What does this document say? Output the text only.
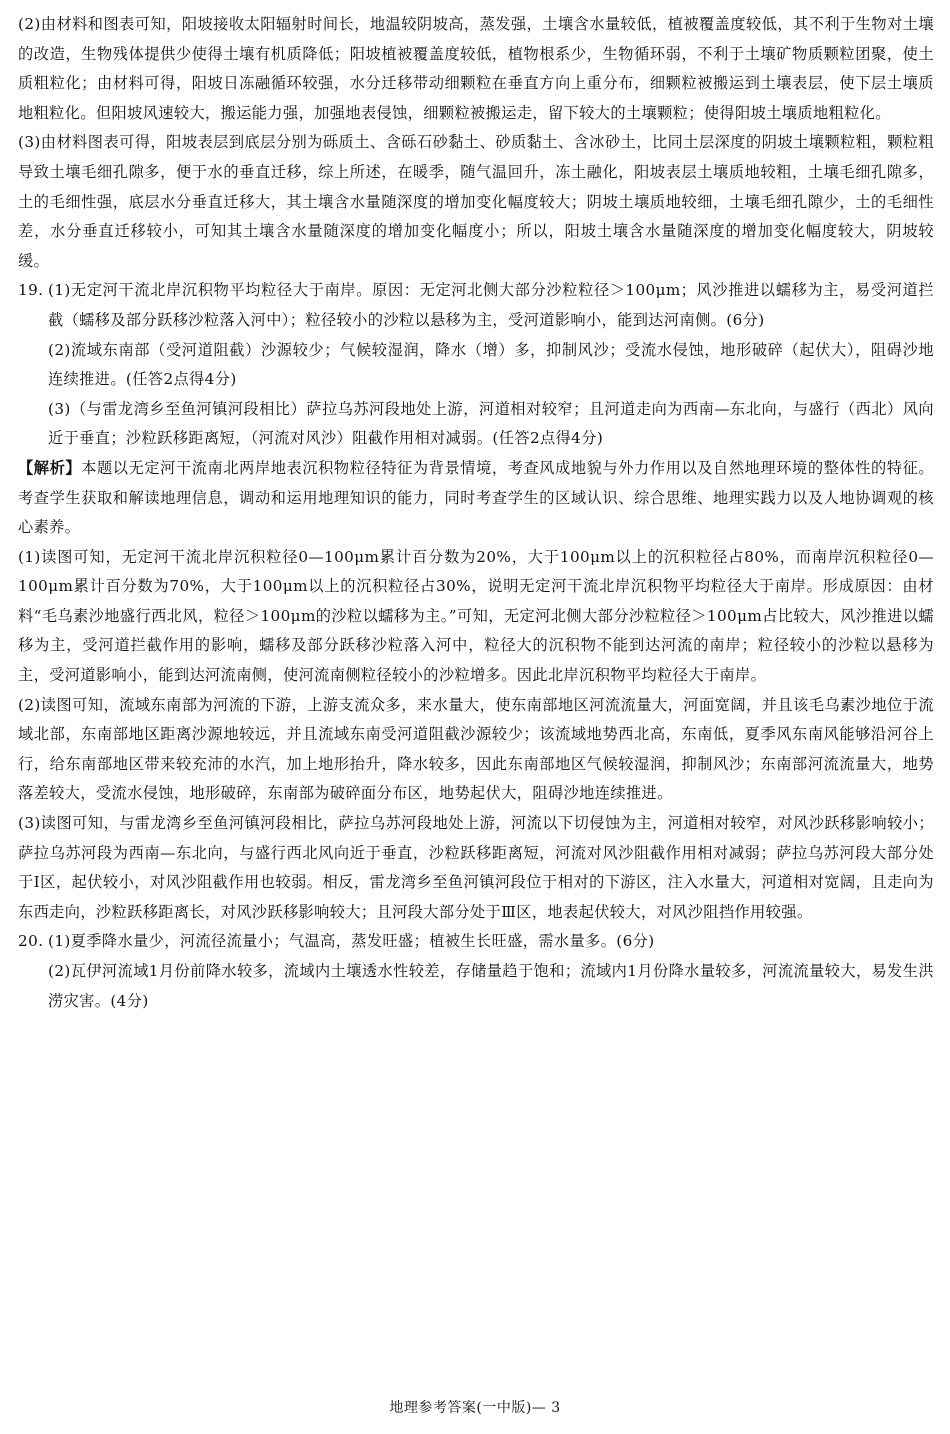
(2)由材料和图表可知，阳坡接收太阳辐射时间长，地温较阴坡高，蒸发强，土壤含水量较低，植被覆盖度较低，其不利于生物对土壤的改造，生物残体提供少使得土壤有机质降低；阳坡植被覆盖度较低，植物根系少，生物循环弱，不利于土壤矿物质颗粒团聚，使土质粗粒化；由材料可得，阳坡日冻融循环较强，水分迁移带动细颗粒在垂直方向上重分布，细颗粒被搬运到土壤表层，使下层土壤质地粗粒化。但阳坡风速较大，搬运能力强，加强地表侵蚀，细颗粒被搬运走，留下较大的土壤颗粒；使得阳坡土壤质地粗粒化。

(3)由材料图表可得，阳坡表层到底层分别为砾质土、含砾石砂黏土、砂质黏土、含冰砂土，比同土层深度的阴坡土壤颗粒粗，颗粒粗导致土壤毛细孔隙多，便于水的垂直迁移，综上所述，在暖季，随气温回升，冻土融化，阳坡表层土壤质地较粗，土壤毛细孔隙多，土的毛细性强，底层水分垂直迁移大，其土壤含水量随深度的增加变化幅度较大；阴坡土壤质地较细，土壤毛细孔隙少，土的毛细性差，水分垂直迁移较小，可知其土壤含水量随深度的增加变化幅度小；所以，阳坡土壤含水量随深度的增加变化幅度较大，阴坡较缓。

19. (1)无定河干流北岸沉积物平均粒径大于南岸。原因：无定河北侧大部分沙粒粒径＞100μm；风沙推进以蠕移为主，易受河道拦截（蠕移及部分跃移沙粒落入河中）；粒径较小的沙粒以悬移为主，受河道影响小，能到达河南侧。(6分)

(2)流域东南部（受河道阻截）沙源较少；气候较湿润，降水（增）多，抑制风沙；受流水侵蚀，地形破碎（起伏大），阻碍沙地连续推进。(任答2点得4分)

(3)（与雷龙湾乡至鱼河镇河段相比）萨拉乌苏河段地处上游，河道相对较窄；且河道走向为西南—东北向，与盛行（西北）风向近于垂直；沙粒跃移距离短，（河流对风沙）阻截作用相对减弱。(任答2点得4分)

【解析】本题以无定河干流南北两岸地表沉积物粒径特征为背景情境，考查风成地貌与外力作用以及自然地理环境的整体性的特征。考查学生获取和解读地理信息，调动和运用地理知识的能力，同时考查学生的区域认识、综合思维、地理实践力以及人地协调观的核心素养。

(1)读图可知，无定河干流北岸沉积粒径0—100μm累计百分数为20%，大于100μm以上的沉积粒径占80%，而南岸沉积粒径0—100μm累计百分数为70%，大于100μm以上的沉积粒径占30%，说明无定河干流北岸沉积物平均粒径大于南岸。形成原因：由材料“毛乌素沙地盛行西北风，粒径＞100μm的沙粒以蠕移为主。”可知，无定河北侧大部分沙粒粒径＞100μm占比较大，风沙推进以蠕移为主，受河道拦截作用的影响，蠕移及部分跃移沙粒落入河中，粒径大的沉积物不能到达河流的南岸；粒径较小的沙粒以悬移为主，受河道影响小，能到达河流南侧，使河流南侧粒径较小的沙粒增多。因此北岸沉积物平均粒径大于南岸。

(2)读图可知，流域东南部为河流的下游，上游支流众多，来水量大，使东南部地区河流流量大，河面宽阔，并且该毛乌素沙地位于流域北部，东南部地区距离沙源地较远，并且流域东南受河道阻截沙源较少；该流域地势西北高，东南低，夏季风东南风能够沿河谷上行，给东南部地区带来较充沛的水汽，加上地形抬升，降水较多，因此东南部地区气候较湿润，抑制风沙；东南部河流流量大，地势落差较大，受流水侵蚀，地形破碎，东南部为破碎面分布区，地势起伏大，阻碍沙地连续推进。

(3)读图可知，与雷龙湾乡至鱼河镇河段相比，萨拉乌苏河段地处上游，河流以下切侵蚀为主，河道相对较窄，对风沙跃移影响较小；萨拉乌苏河段为西南—东北向，与盛行西北风向近于垂直，沙粒跃移距离短，河流对风沙阻截作用相对减弱；萨拉乌苏河段大部分处于Ⅰ区，起伏较小，对风沙阻截作用也较弱。相反，雷龙湾乡至鱼河镇河段位于相对的下游区，注入水量大，河道相对宽阔，且走向为东西走向，沙粒跃移距离长，对风沙跃移影响较大；且河段大部分处于Ⅲ区，地表起伏较大，对风沙阻挡作用较强。

20. (1)夏季降水量少，河流径流量小；气温高，蒸发旺盛；植被生长旺盛，需水量多。(6分)

(2)瓦伊河流域1月份前降水较多，流域内土壤透水性较差，存储量趋于饱和；流域内1月份降水量较多，河流流量较大，易发生洪涝灾害。(4分)

地理参考答案(一中版)— 3
